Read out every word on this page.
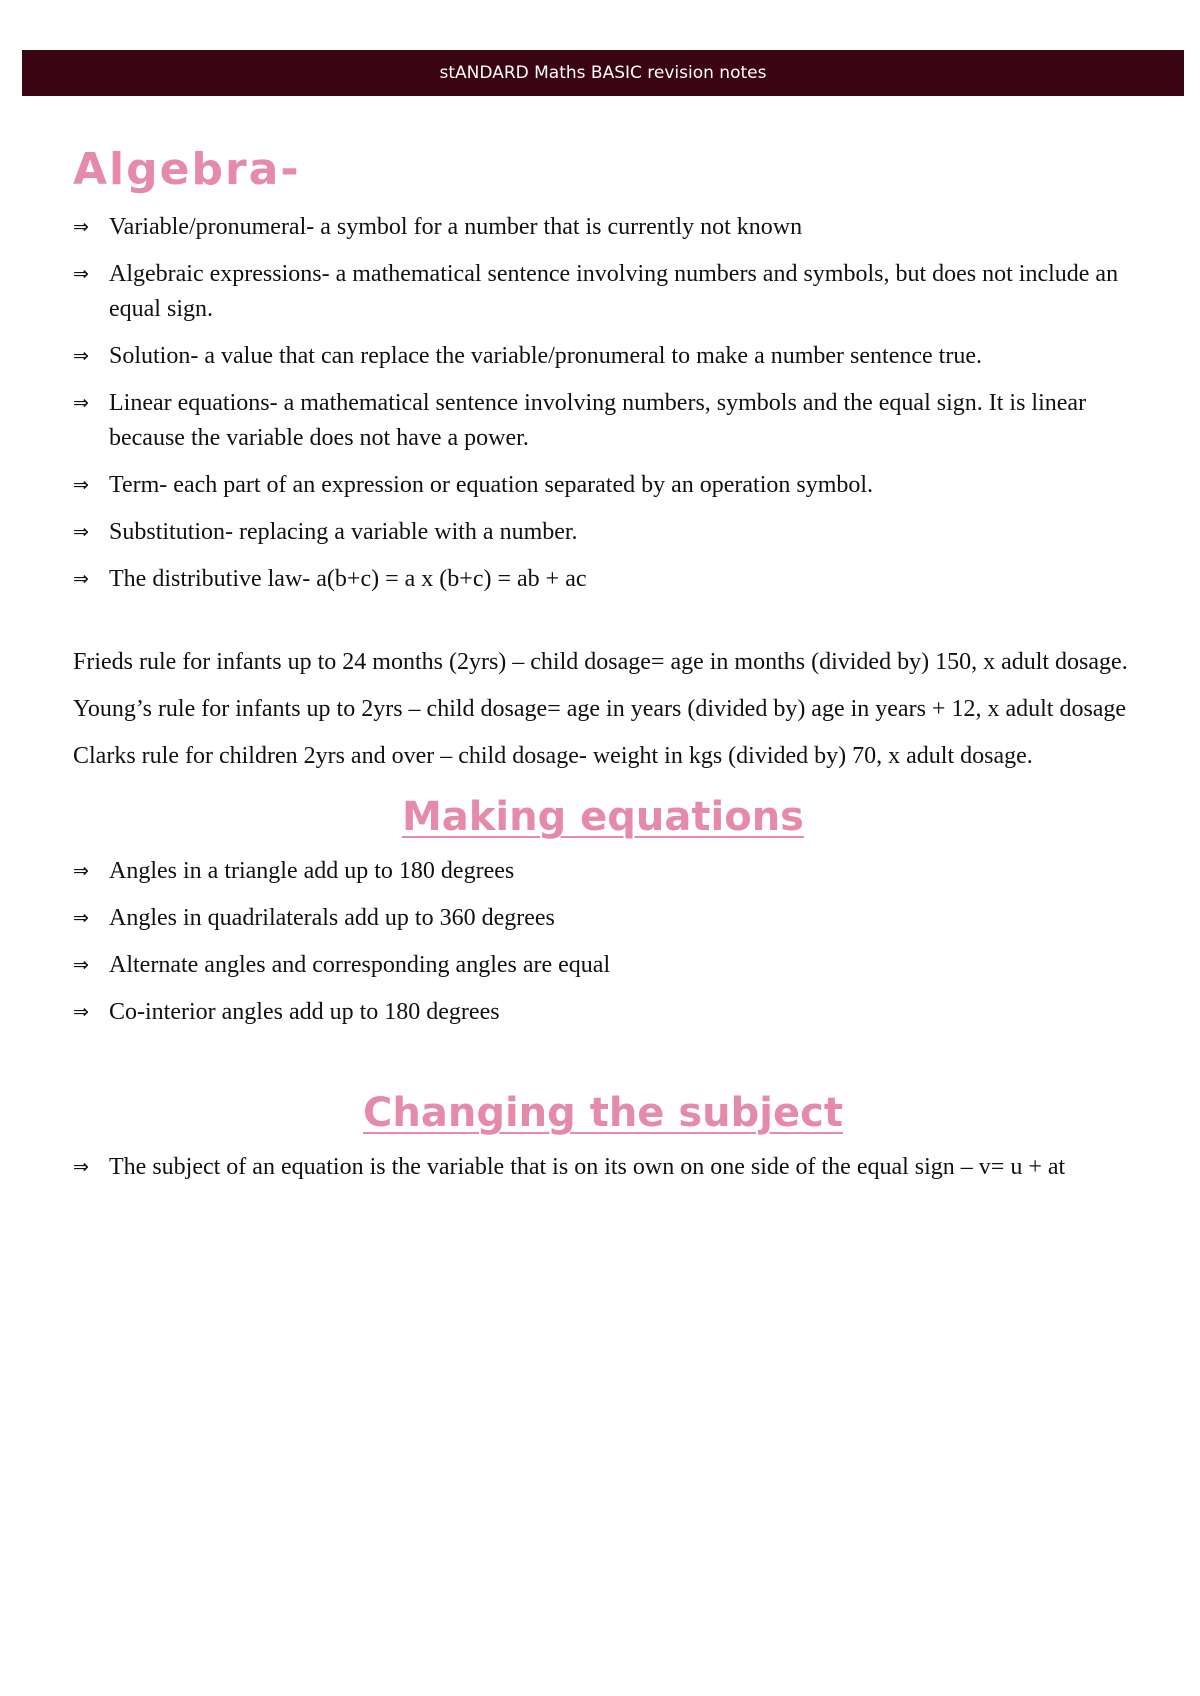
stANDARD Maths BASIC revision notes
Algebra-
⇒ Variable/pronumeral- a symbol for a number that is currently not known
⇒ Algebraic expressions- a mathematical sentence involving numbers and symbols, but does not include an equal sign.
⇒ Solution- a value that can replace the variable/pronumeral to make a number sentence true.
⇒ Linear equations- a mathematical sentence involving numbers, symbols and the equal sign. It is linear because the variable does not have a power.
⇒ Term- each part of an expression or equation separated by an operation symbol.
⇒ Substitution- replacing a variable with a number.
⇒ The distributive law- a(b+c) = a x (b+c) = ab + ac

Frieds rule for infants up to 24 months (2yrs) – child dosage= age in months (divided by) 150, x adult dosage.

Young’s rule for infants up to 2yrs – child dosage= age in years (divided by) age in years + 12, x adult dosage

Clarks rule for children 2yrs and over – child dosage- weight in kgs (divided by) 70, x adult dosage.

Making equations
⇒ Angles in a triangle add up to 180 degrees
⇒ Angles in quadrilaterals add up to 360 degrees
⇒ Alternate angles and corresponding angles are equal
⇒ Co-interior angles add up to 180 degrees
Changing the subject
⇒ The subject of an equation is the variable that is on its own on one side of the equal sign – v= u + at
